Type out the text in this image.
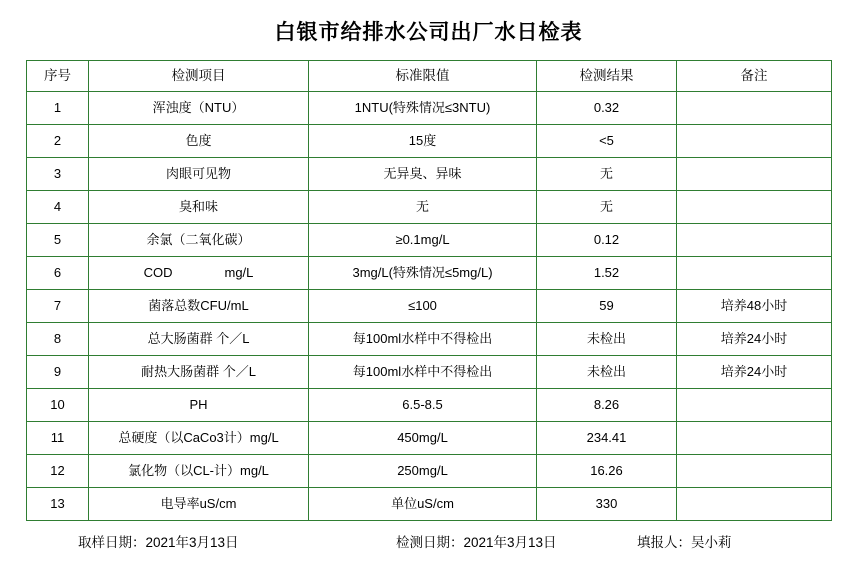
白银市给排水公司出厂水日检表
序号	检测项目	标准限值	检测结果	备注
1	浑浊度（NTU）	1NTU(特殊情况≤3NTU)	0.32	
2	色度	15度	<5	
3	肉眼可见物	无异臭、异味	无	
4	臭和味	无	无	
5	余氯（二氧化碳）	≥0.1mg/L	0.12	
6	COD mg/L	3mg/L(特殊情况≤5mg/L)	1.52	
7	菌落总数CFU/mL	≤100	59	培养48小时
8	总大肠菌群 个／L	每100ml水样中不得检出	未检出	培养24小时
9	耐热大肠菌群 个／L	每100ml水样中不得检出	未检出	培养24小时
10	PH	6.5-8.5	8.26	
11	总硬度（以CaCo3计）mg/L	450mg/L	234.41	
12	氯化物（以CL-计）mg/L	250mg/L	16.26	
13	电导率uS/cm	单位uS/cm	330	
取样日期：2021年3月13日	检测日期：2021年3月13日	填报人：吴小莉
